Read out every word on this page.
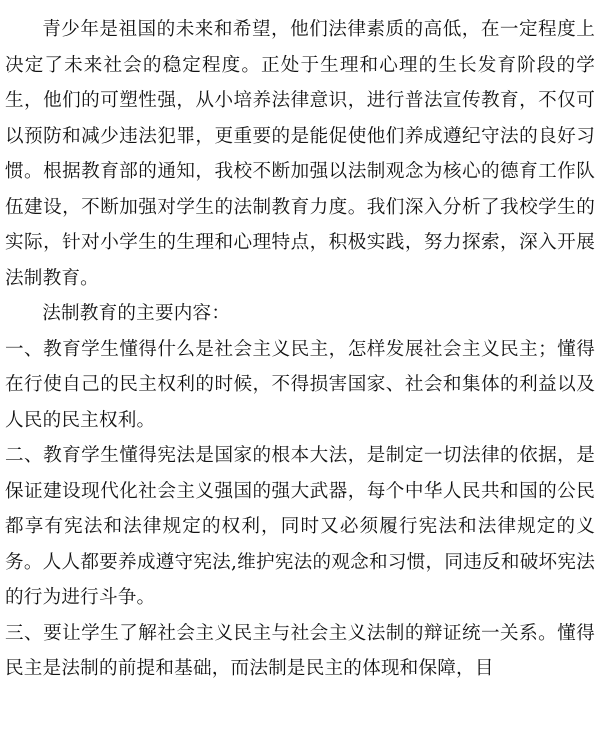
青少年是祖国的未来和希望，他们法律素质的高低，在一定程度上决定了未来社会的稳定程度。正处于生理和心理的生长发育阶段的学生，他们的可塑性强，从小培养法律意识，进行普法宣传教育，不仅可以预防和减少违法犯罪，更重要的是能促使他们养成遵纪守法的良好习惯。根据教育部的通知，我校不断加强以法制观念为核心的德育工作队伍建设，不断加强对学生的法制教育力度。我们深入分析了我校学生的实际，针对小学生的生理和心理特点，积极实践，努力探索，深入开展法制教育。

法制教育的主要内容：

一、教育学生懂得什么是社会主义民主，怎样发展社会主义民主；懂得在行使自己的民主权利的时候，不得损害国家、社会和集体的利益以及人民的民主权利。

二、教育学生懂得宪法是国家的根本大法，是制定一切法律的依据，是保证建设现代化社会主义强国的强大武器，每个中华人民共和国的公民都享有宪法和法律规定的权利，同时又必须履行宪法和法律规定的义务。人人都要养成遵守宪法,维护宪法的观念和习惯，同违反和破坏宪法的行为进行斗争。

三、要让学生了解社会主义民主与社会主义法制的辩证统一关系。懂得民主是法制的前提和基础，而法制是民主的体现和保障，目
